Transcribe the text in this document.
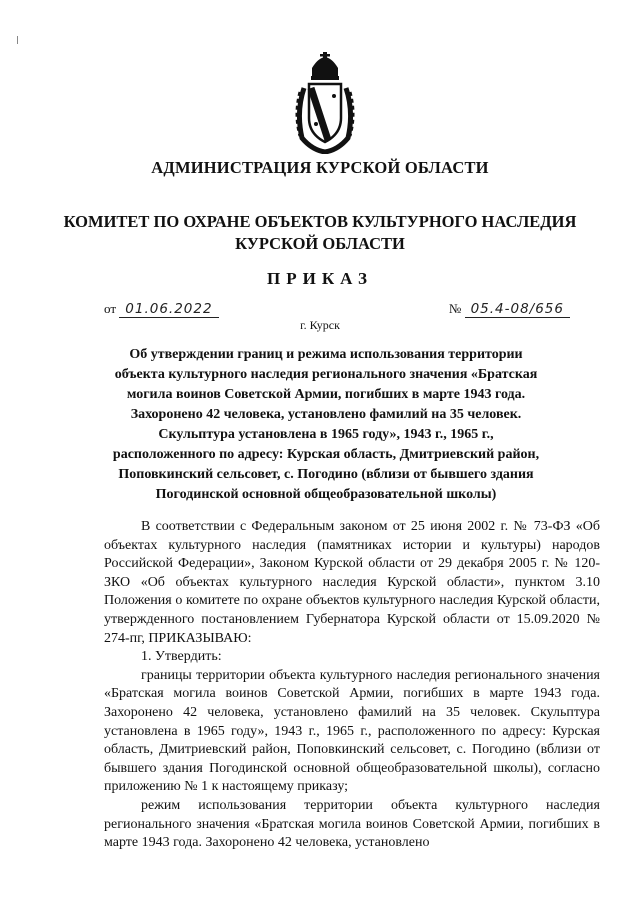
АДМИНИСТРАЦИЯ КУРСКОЙ ОБЛАСТИ
КОМИТЕТ ПО ОХРАНЕ ОБЪЕКТОВ КУЛЬТУРНОГО НАСЛЕДИЯ
КУРСКОЙ ОБЛАСТИ
ПРИКАЗ
от 01.06.2022	№ 05.4-08/656
г. Курск
Об утверждении границ и режима использования территории объекта культурного наследия регионального значения «Братская могила воинов Советской Армии, погибших в марте 1943 года. Захоронено 42 человека, установлено фамилий на 35 человек. Скульптура установлена в 1965 году», 1943 г., 1965 г., расположенного по адресу: Курская область, Дмитриевский район, Поповкинский сельсовет, с. Погодино (вблизи от бывшего здания Погодинской основной общеобразовательной школы)

В соответствии с Федеральным законом от 25 июня 2002 г. № 73-ФЗ «Об объектах культурного наследия (памятниках истории и культуры) народов Российской Федерации», Законом Курской области от 29 декабря 2005 г. № 120-ЗКО «Об объектах культурного наследия Курской области», пунктом 3.10 Положения о комитете по охране объектов культурного наследия Курской области, утвержденного постановлением Губернатора Курской области от 15.09.2020 № 274-пг, ПРИКАЗЫВАЮ:

1. Утвердить:

границы территории объекта культурного наследия регионального значения «Братская могила воинов Советской Армии, погибших в марте 1943 года. Захоронено 42 человека, установлено фамилий на 35 человек. Скульптура установлена в 1965 году», 1943 г., 1965 г., расположенного по адресу: Курская область, Дмитриевский район, Поповкинский сельсовет, с. Погодино (вблизи от бывшего здания Погодинской основной общеобразовательной школы), согласно приложению № 1 к настоящему приказу;

режим использования территории объекта культурного наследия регионального значения «Братская могила воинов Советской Армии, погибших в марте 1943 года. Захоронено 42 человека, установлено
